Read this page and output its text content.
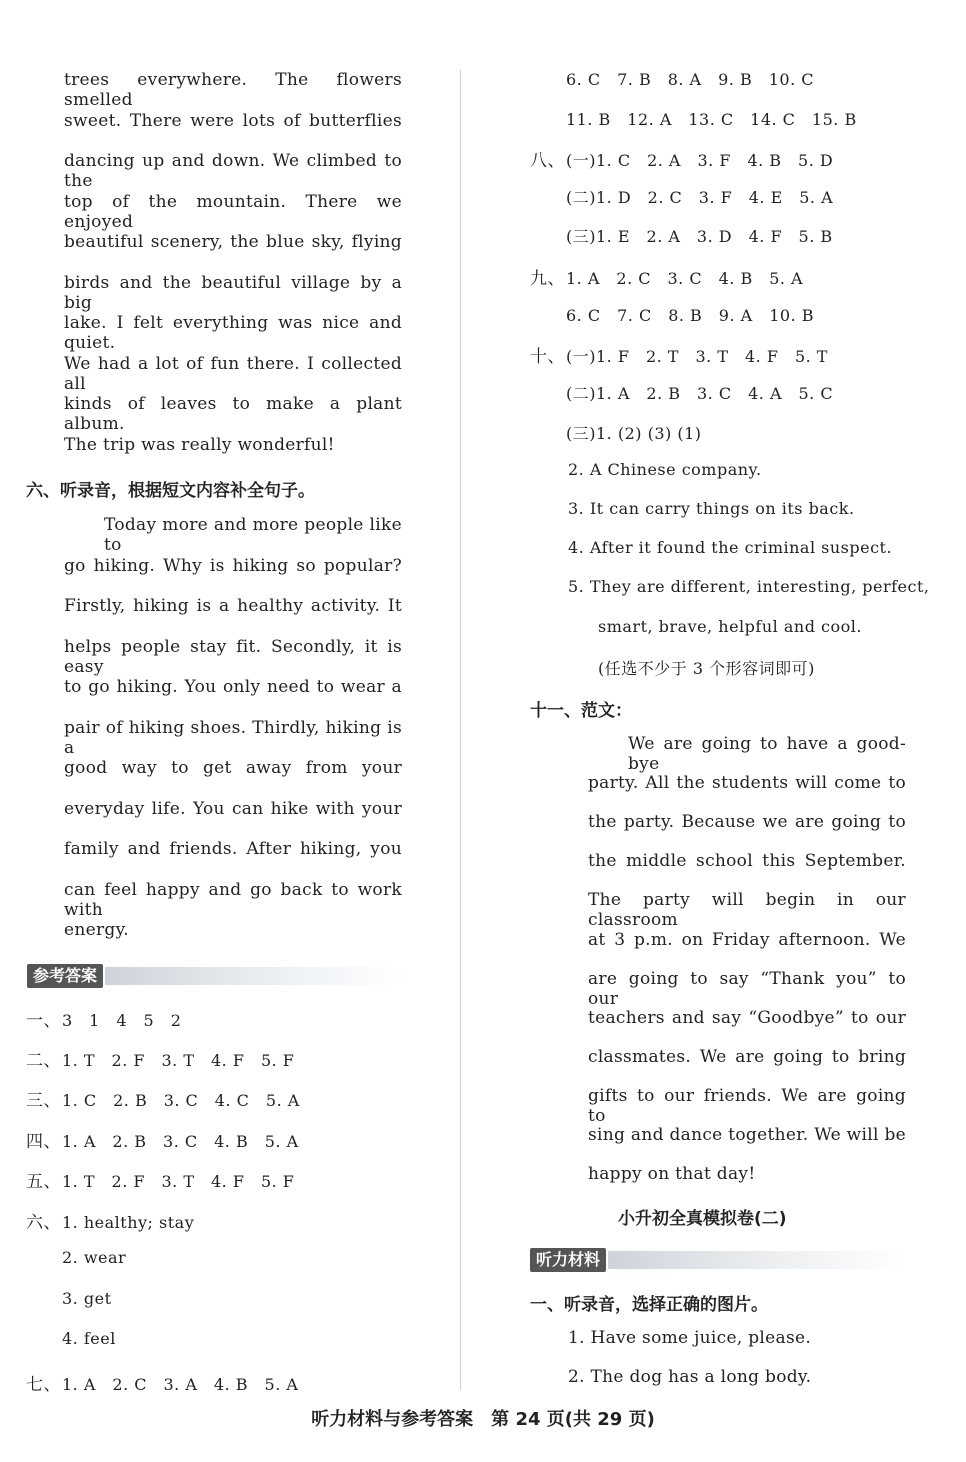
trees everywhere. The flowers smelled
sweet. There were lots of butterflies
dancing up and down. We climbed to the
top of the mountain. There we enjoyed
beautiful scenery, the blue sky, flying
birds and the beautiful village by a big
lake. I felt everything was nice and quiet.
We had a lot of fun there. I collected all
kinds of leaves to make a plant album.
The trip was really wonderful!
六、听录音，根据短文内容补全句子。
Today more and more people like to
go hiking. Why is hiking so popular?
Firstly, hiking is a healthy activity. It
helps people stay fit. Secondly, it is easy
to go hiking. You only need to wear a
pair of hiking shoes. Thirdly, hiking is a
good way to get away from your
everyday life. You can hike with your
family and friends. After hiking, you
can feel happy and go back to work with
energy.
参考答案
一、3　1　4　5　2
二、1. T　2. F　3. T　4. F　5. F
三、1. C　2. B　3. C　4. C　5. A
四、1. A　2. B　3. C　4. B　5. A
五、1. T　2. F　3. T　4. F　5. F
六、1. healthy; stay
2. wear
3. get
4. feel
七、1. A　2. C　3. A　4. B　5. A
6. C　7. B　8. A　9. B　10. C
11. B　12. A　13. C　14. C　15. B
八、(一)1. C　2. A　3. F　4. B　5. D
(二)1. D　2. C　3. F　4. E　5. A
(三)1. E　2. A　3. D　4. F　5. B
九、1. A　2. C　3. C　4. B　5. A
6. C　7. C　8. B　9. A　10. B
十、(一)1. F　2. T　3. T　4. F　5. T
(二)1. A　2. B　3. C　4. A　5. C
(三)1. (2) (3) (1)
2. A Chinese company.
3. It can carry things on its back.
4. After it found the criminal suspect.
5. They are different, interesting, perfect,
smart, brave, helpful and cool.
(任选不少于 3 个形容词即可)
十一、范文：
We are going to have a good-bye
party. All the students will come to
the party. Because we are going to
the middle school this September.
The party will begin in our classroom
at 3 p.m. on Friday afternoon. We
are going to say “Thank you” to our
teachers and say “Goodbye” to our
classmates. We are going to bring
gifts to our friends. We are going to
sing and dance together. We will be
happy on that day!
小升初全真模拟卷(二)
听力材料
一、听录音，选择正确的图片。
1. Have some juice, please.
2. The dog has a long body.
听力材料与参考答案　第 24 页(共 29 页)
